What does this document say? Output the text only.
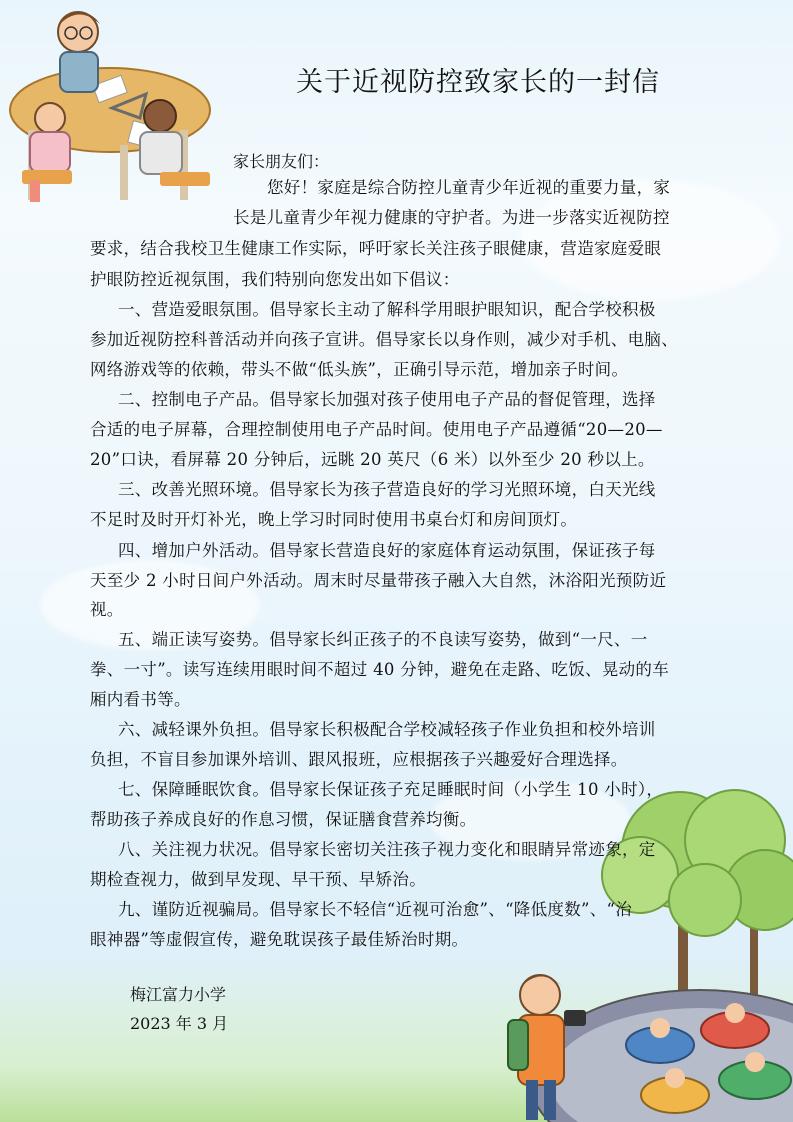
关于近视防控致家长的一封信
家长朋友们：
您好！家庭是综合防控儿童青少年近视的重要力量，家
长是儿童青少年视力健康的守护者。为进一步落实近视防控
要求，结合我校卫生健康工作实际，呼吁家长关注孩子眼健康，营造家庭爱眼
护眼防控近视氛围，我们特别向您发出如下倡议：
一、营造爱眼氛围。倡导家长主动了解科学用眼护眼知识，配合学校积极
参加近视防控科普活动并向孩子宣讲。倡导家长以身作则，减少对手机、电脑、
网络游戏等的依赖，带头不做“低头族”，正确引导示范，增加亲子时间。
二、控制电子产品。倡导家长加强对孩子使用电子产品的督促管理，选择
合适的电子屏幕，合理控制使用电子产品时间。使用电子产品遵循“20—20—
20”口诀，看屏幕 20 分钟后，远眺 20 英尺（6 米）以外至少 20 秒以上。
三、改善光照环境。倡导家长为孩子营造良好的学习光照环境，白天光线
不足时及时开灯补光，晚上学习时同时使用书桌台灯和房间顶灯。
四、增加户外活动。倡导家长营造良好的家庭体育运动氛围，保证孩子每
天至少 2 小时日间户外活动。周末时尽量带孩子融入大自然，沐浴阳光预防近
视。
五、端正读写姿势。倡导家长纠正孩子的不良读写姿势，做到“一尺、一
拳、一寸”。读写连续用眼时间不超过 40 分钟，避免在走路、吃饭、晃动的车
厢内看书等。
六、减轻课外负担。倡导家长积极配合学校减轻孩子作业负担和校外培训
负担，不盲目参加课外培训、跟风报班，应根据孩子兴趣爱好合理选择。
七、保障睡眠饮食。倡导家长保证孩子充足睡眠时间（小学生 10 小时），
帮助孩子养成良好的作息习惯，保证膳食营养均衡。
八、关注视力状况。倡导家长密切关注孩子视力变化和眼睛异常迹象，定
期检查视力，做到早发现、早干预、早矫治。
九、谨防近视骗局。倡导家长不轻信“近视可治愈”、“降低度数”、“治
眼神器”等虚假宣传，避免耽误孩子最佳矫治时期。
梅江富力小学
2023 年 3 月
